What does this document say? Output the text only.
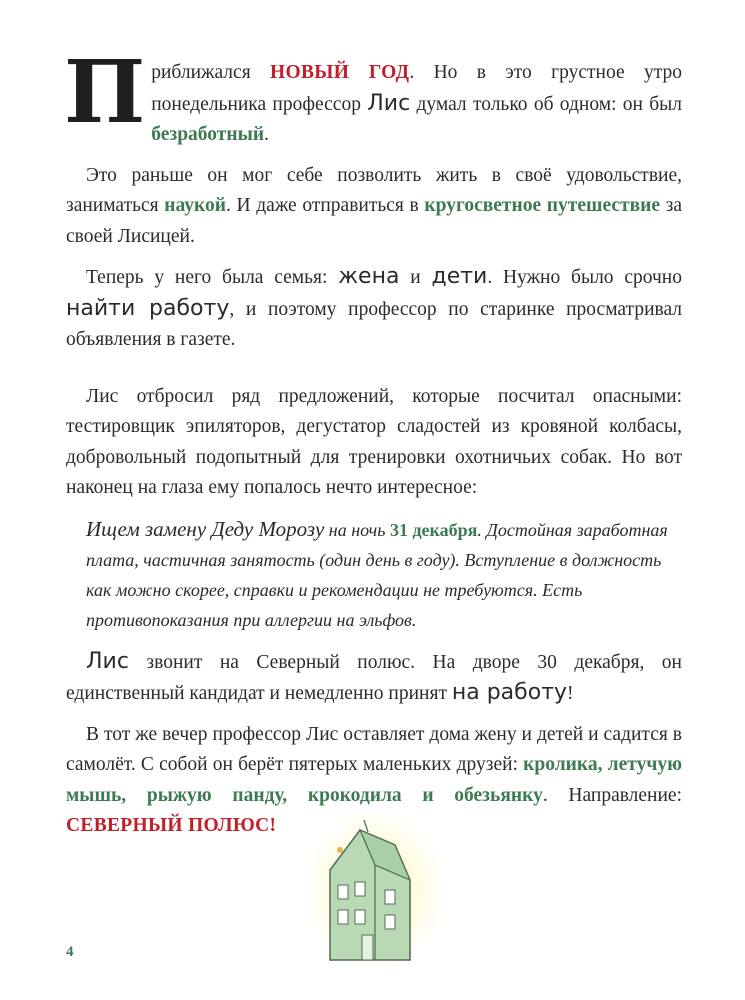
Приближался НОВЫЙ ГОД. Но в это грустное утро понедельника профессор Лис думал только об одном: он был безработный.

Это раньше он мог себе позволить жить в своё удовольствие, заниматься наукой. И даже отправиться в кругосветное путешествие за своей Лисицей.

Теперь у него была семья: жена и дети. Нужно было срочно найти работу, и поэтому профессор по старинке просматривал объявления в газете.

Лис отбросил ряд предложений, которые посчитал опасными: тестировщик эпиляторов, дегустатор сладостей из кровяной колбасы, добровольный подопытный для тренировки охотничьих собак. Но вот наконец на глаза ему попалось нечто интересное:

Ищем замену Деду Морозу на ночь 31 декабря. Достойная заработная плата, частичная занятость (один день в году). Вступление в должность как можно скорее, справки и рекомендации не требуются. Есть противопоказания при аллергии на эльфов.

Лис звонит на Северный полюс. На дворе 30 декабря, он единственный кандидат и немедленно принят на работу!

В тот же вечер профессор Лис оставляет дома жену и детей и садится в самолёт. С собой он берёт пятерых маленьких друзей: кролика, летучую мышь, рыжую панду, крокодила и обезьянку. Направление: СЕВЕРНЫЙ ПОЛЮС!

4
